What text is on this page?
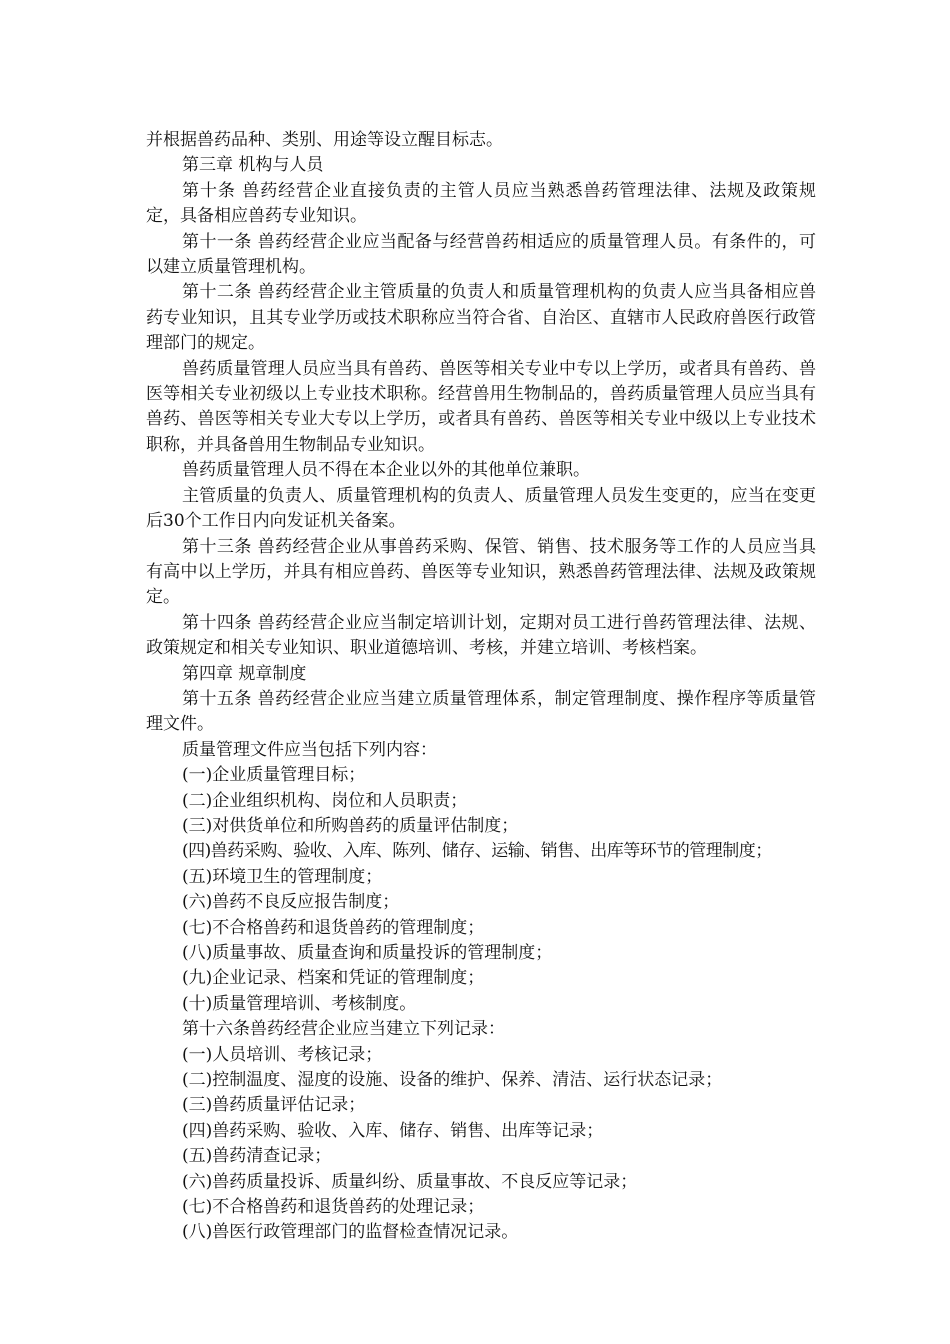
并根据兽药品种、类别、用途等设立醒目标志。

第三章 机构与人员

第十条 兽药经营企业直接负责的主管人员应当熟悉兽药管理法律、法规及政策规定，具备相应兽药专业知识。

第十一条 兽药经营企业应当配备与经营兽药相适应的质量管理人员。有条件的，可以建立质量管理机构。

第十二条 兽药经营企业主管质量的负责人和质量管理机构的负责人应当具备相应兽药专业知识，且其专业学历或技术职称应当符合省、自治区、直辖市人民政府兽医行政管理部门的规定。

兽药质量管理人员应当具有兽药、兽医等相关专业中专以上学历，或者具有兽药、兽医等相关专业初级以上专业技术职称。经营兽用生物制品的，兽药质量管理人员应当具有兽药、兽医等相关专业大专以上学历，或者具有兽药、兽医等相关专业中级以上专业技术职称，并具备兽用生物制品专业知识。

兽药质量管理人员不得在本企业以外的其他单位兼职。

主管质量的负责人、质量管理机构的负责人、质量管理人员发生变更的，应当在变更后30个工作日内向发证机关备案。

第十三条 兽药经营企业从事兽药采购、保管、销售、技术服务等工作的人员应当具有高中以上学历，并具有相应兽药、兽医等专业知识，熟悉兽药管理法律、法规及政策规定。

第十四条 兽药经营企业应当制定培训计划，定期对员工进行兽药管理法律、法规、政策规定和相关专业知识、职业道德培训、考核，并建立培训、考核档案。

第四章 规章制度

第十五条 兽药经营企业应当建立质量管理体系，制定管理制度、操作程序等质量管理文件。

质量管理文件应当包括下列内容：

(一)企业质量管理目标；

(二)企业组织机构、岗位和人员职责；

(三)对供货单位和所购兽药的质量评估制度；

(四)兽药采购、验收、入库、陈列、储存、运输、销售、出库等环节的管理制度；

(五)环境卫生的管理制度；

(六)兽药不良反应报告制度；

(七)不合格兽药和退货兽药的管理制度；

(八)质量事故、质量查询和质量投诉的管理制度；

(九)企业记录、档案和凭证的管理制度；

(十)质量管理培训、考核制度。

第十六条兽药经营企业应当建立下列记录：

(一)人员培训、考核记录；

(二)控制温度、湿度的设施、设备的维护、保养、清洁、运行状态记录；

(三)兽药质量评估记录；

(四)兽药采购、验收、入库、储存、销售、出库等记录；

(五)兽药清查记录；

(六)兽药质量投诉、质量纠纷、质量事故、不良反应等记录；

(七)不合格兽药和退货兽药的处理记录；

(八)兽医行政管理部门的监督检查情况记录。
